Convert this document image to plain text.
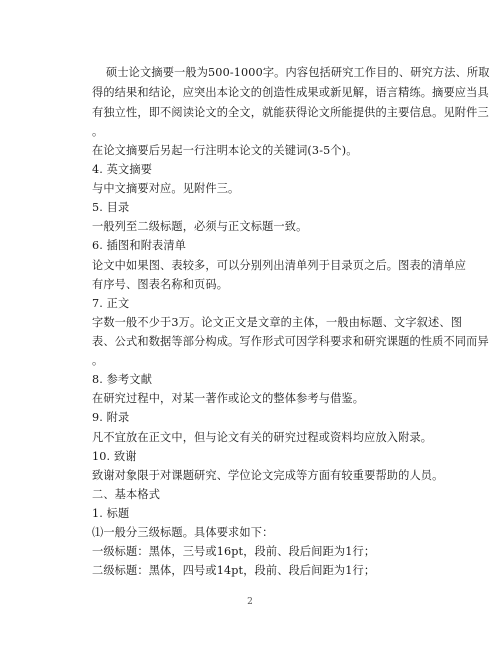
硕士论文摘要一般为500-1000字。内容包括研究工作目的、研究方法、所取
得的结果和结论，应突出本论文的创造性成果或新见解，语言精练。摘要应当具
有独立性，即不阅读论文的全文，就能获得论文所能提供的主要信息。见附件三
。
在论文摘要后另起一行注明本论文的关键词(3-5个)。
4. 英文摘要
与中文摘要对应。见附件三。
5. 目录
一般列至二级标题，必须与正文标题一致。
6. 插图和附表清单
论文中如果图、表较多，可以分别列出清单列于目录页之后。图表的清单应
有序号、图表名称和页码。
7. 正文
字数一般不少于3万。论文正文是文章的主体，一般由标题、文字叙述、图
表、公式和数据等部分构成。写作形式可因学科要求和研究课题的性质不同而异
。
8. 参考文献
在研究过程中，对某一著作或论文的整体参考与借鉴。
9. 附录
凡不宜放在正文中，但与论文有关的研究过程或资料均应放入附录。
10. 致谢
致谢对象限于对课题研究、学位论文完成等方面有较重要帮助的人员。
二、基本格式
1. 标题
⑴一般分三级标题。具体要求如下：
一级标题：黑体，三号或16pt，段前、段后间距为1行；
二级标题：黑体，四号或14pt，段前、段后间距为1行；
2
